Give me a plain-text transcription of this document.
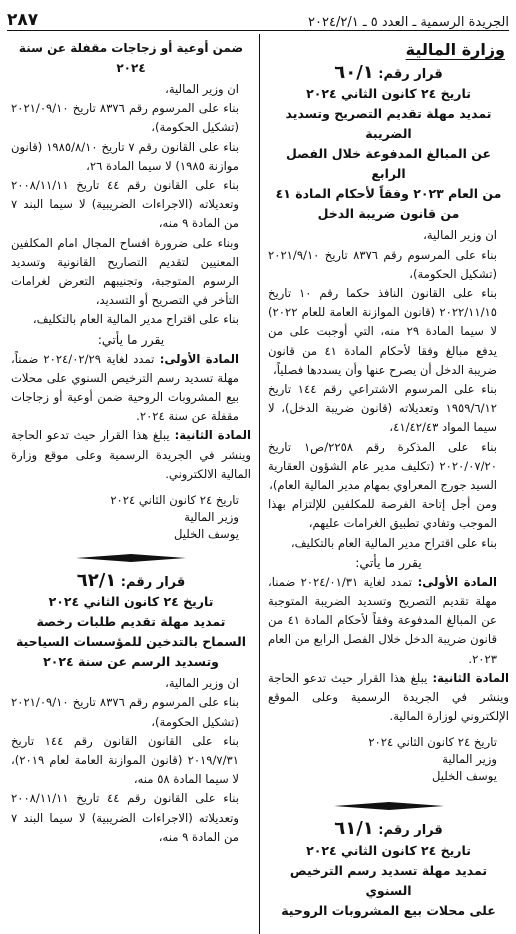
الجريدة الرسمية ـ العدد ٥ ـ ٢٠٢٤/٢/١
٢٨٧

وزارة المالية

قرار رقم: ٦٠/١

تاريخ ٢٤ كانون الثاني ٢٠٢٤

تمديد مهلة تقديم التصريح وتسديد الضريبة

عن المبالغ المدفوعة خلال الفصل الرابع

من العام ٢٠٢٣ وفقاً لأحكام المادة ٤١

من قانون ضريبة الدخل

ان وزير المالية،

بناء على المرسوم رقم ٨٣٧٦ تاريخ ٢٠٢١/٩/١٠ (تشكيل الحكومة)،

بناء على القانون النافذ حكما رقم ١٠ تاريخ ٢٠٢٢/١١/١٥ (قانون الموازنة العامة للعام ٢٠٢٢) لا سيما المادة ٢٩ منه، التي أوجبت على من يدفع مبالغ وفقا لأحكام المادة ٤١ من قانون ضريبة الدخل أن يصرح عنها وأن يسددها فصلياً،

بناء على المرسوم الاشتراعي رقم ١٤٤ تاريخ ١٩٥٩/٦/١٢ وتعديلاته (قانون ضريبة الدخل)، لا سيما المواد ٤١/٤٢/٤٣،

بناء على المذكرة رقم ٢٢٥٨/ص١ تاريخ ٢٠٢٠/٠٧/٢٠ (تكليف مدير عام الشؤون العقارية السيد جورج المعراوي بمهام مدير المالية العام)،

ومن أجل إتاحة الفرصة للمكلفين للإلتزام بهذا الموجب وتفادي تطبيق الغرامات عليهم،

بناء على اقتراح مدير المالية العام بالتكليف،

يقرر ما يأتي:

المادة الأولى: تمدد لغاية ٢٠٢٤/٠١/٣١ ضمنا، مهلة تقديم التصريح وتسديد الضريبة المتوجبة عن المبالغ المدفوعة وفقاً لأحكام المادة ٤١ من قانون ضريبة الدخل خلال الفصل الرابع من العام ٢٠٢٣.

المادة الثانية: يبلغ هذا القرار حيث تدعو الحاجة وينشر في الجريدة الرسمية وعلى الموقع الإلكتروني لوزارة المالية.

تاريخ ٢٤ كانون الثاني ٢٠٢٤

وزير المالية

يوسف الخليل

قرار رقم: ٦١/١

تاريخ ٢٤ كانون الثاني ٢٠٢٤

تمديد مهلة تسديد رسم الترخيص السنوي

على محلات بيع المشروبات الروحية

ضمن أوعية أو زجاجات مقفلة عن سنة ٢٠٢٤

ان وزير المالية،

بناء على المرسوم رقم ٨٣٧٦ تاريخ ٢٠٢١/٠٩/١٠ (تشكيل الحكومة)،

بناء على القانون رقم ٧ تاريخ ١٩٨٥/٨/١٠ (قانون موازنة ١٩٨٥) لا سيما المادة ٢٦،

بناء على القانون رقم ٤٤ تاريخ ٢٠٠٨/١١/١١ وتعديلاته (الاجراءات الضريبية) لا سيما البند ٧ من المادة ٩ منه،

وبناء على ضرورة افساح المجال امام المكلفين المعنيين لتقديم التصاريح القانونية وتسديد الرسوم المتوجبة، وتجنيبهم التعرض لغرامات التأخر في التصريح أو التسديد،

بناء على اقتراح مدير المالية العام بالتكليف،

يقرر ما يأتي:

المادة الأولى: تمدد لغاية ٢٠٢٤/٠٢/٢٩ ضمناً، مهلة تسديد رسم الترخيص السنوي على محلات بيع المشروبات الروحية ضمن أوعية أو زجاجات مقفلة عن سنة ٢٠٢٤.

المادة الثانية: يبلغ هذا القرار حيث تدعو الحاجة وينشر في الجريدة الرسمية وعلى موقع وزارة المالية الالكتروني.

تاريخ ٢٤ كانون الثاني ٢٠٢٤

وزير المالية

يوسف الخليل

قرار رقم: ٦٢/١

تاريخ ٢٤ كانون الثاني ٢٠٢٤

تمديد مهلة تقديم طلبات رخصة

السماح بالتدخين للمؤسسات السياحية

وتسديد الرسم عن سنة ٢٠٢٤

ان وزير المالية،

بناء على المرسوم رقم ٨٣٧٦ تاريخ ٢٠٢١/٠٩/١٠ (تشكيل الحكومة)،

بناء على القانون القانون رقم ١٤٤ تاريخ ٢٠١٩/٧/٣١ (قانون الموازنة العامة لعام ٢٠١٩)، لا سيما المادة ٥٨ منه،

بناء على القانون رقم ٤٤ تاريخ ٢٠٠٨/١١/١١ وتعديلاته (الاجراءات الضريبية) لا سيما البند ٧ من المادة ٩ منه،
